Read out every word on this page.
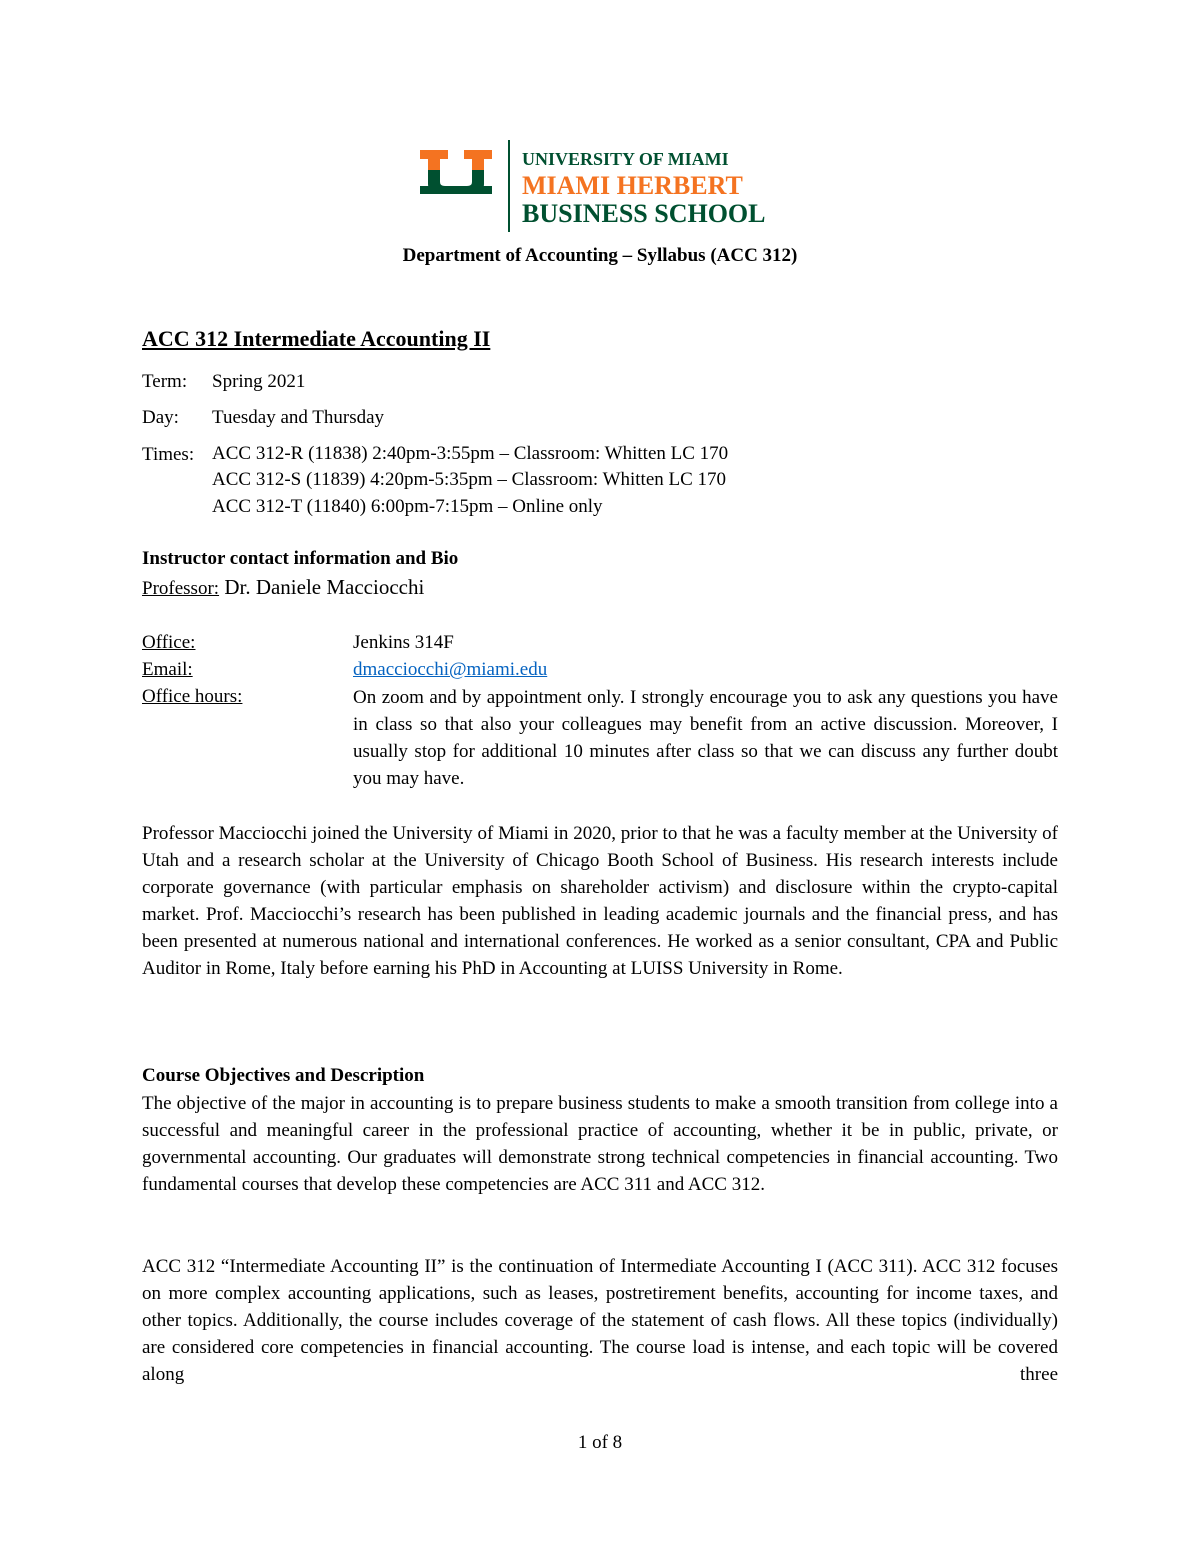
UNIVERSITY OF MIAMI
MIAMI HERBERT
BUSINESS SCHOOL
Department of Accounting – Syllabus (ACC 312)
ACC 312 Intermediate Accounting II
Term: Spring 2021
Day: Tuesday and Thursday
Times: ACC 312-R (11838) 2:40pm-3:55pm – Classroom: Whitten LC 170
ACC 312-S (11839) 4:20pm-5:35pm – Classroom: Whitten LC 170
ACC 312-T (11840) 6:00pm-7:15pm – Online only
Instructor contact information and Bio
Professor: Dr. Daniele Macciocchi
Office:	Jenkins 314F
Email:	dmacciocchi@miami.edu
Office hours:	On zoom and by appointment only. I strongly encourage you to ask any questions you have in class so that also your colleagues may benefit from an active discussion. Moreover, I usually stop for additional 10 minutes after class so that we can discuss any further doubt you may have.
Professor Macciocchi joined the University of Miami in 2020, prior to that he was a faculty member at the University of Utah and a research scholar at the University of Chicago Booth School of Business. His research interests include corporate governance (with particular emphasis on shareholder activism) and disclosure within the crypto-capital market. Prof. Macciocchi’s research has been published in leading academic journals and the financial press, and has been presented at numerous national and international conferences. He worked as a senior consultant, CPA and Public Auditor in Rome, Italy before earning his PhD in Accounting at LUISS University in Rome.
Course Objectives and Description
The objective of the major in accounting is to prepare business students to make a smooth transition from college into a successful and meaningful career in the professional practice of accounting, whether it be in public, private, or governmental accounting. Our graduates will demonstrate strong technical competencies in financial accounting. Two fundamental courses that develop these competencies are ACC 311 and ACC 312.
ACC 312 “Intermediate Accounting II” is the continuation of Intermediate Accounting I (ACC 311). ACC 312 focuses on more complex accounting applications, such as leases, postretirement benefits, accounting for income taxes, and other topics. Additionally, the course includes coverage of the statement of cash flows. All these topics (individually) are considered core competencies in financial accounting. The course load is intense, and each topic will be covered along three
1 of 8
